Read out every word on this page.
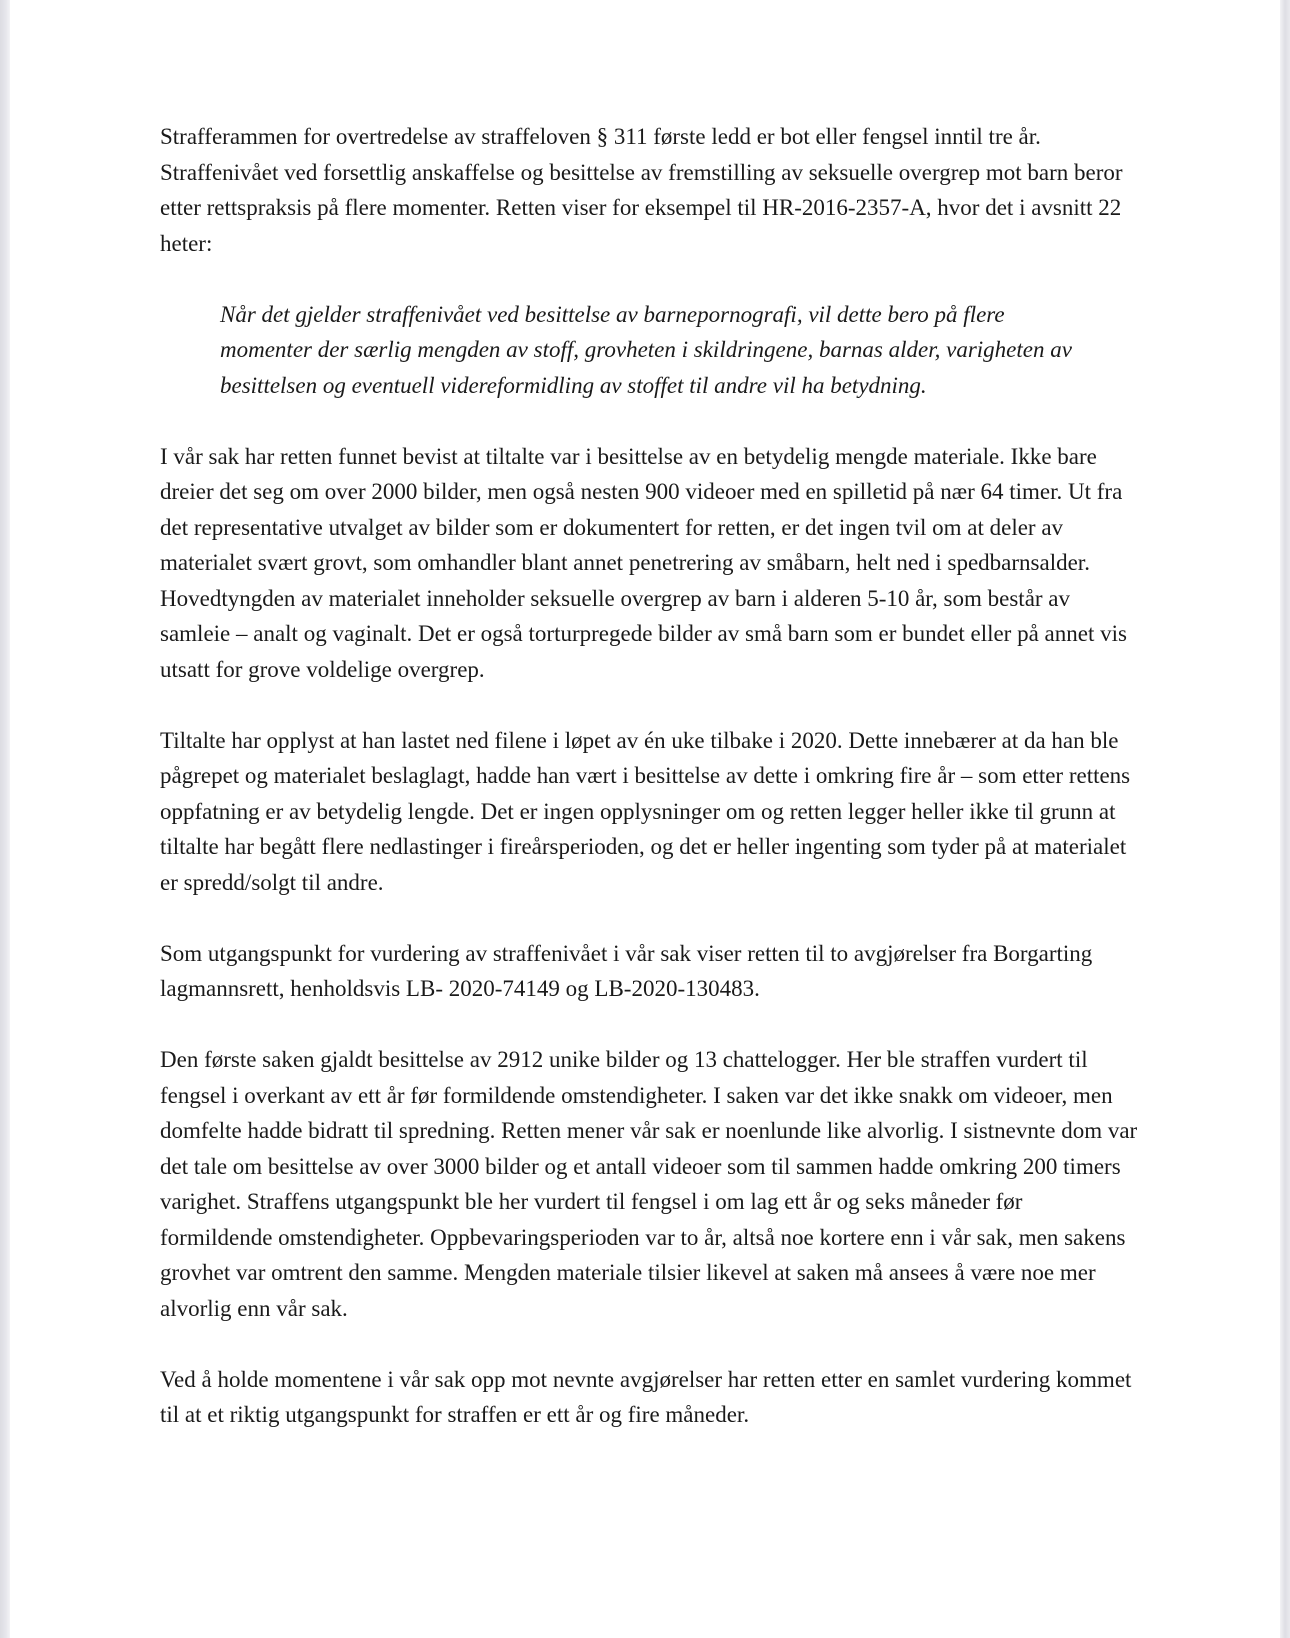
Strafferammen for overtredelse av straffeloven § 311 første ledd er bot eller fengsel inntil tre år. Straffenivået ved forsettlig anskaffelse og besittelse av fremstilling av seksuelle overgrep mot barn beror etter rettspraksis på flere momenter. Retten viser for eksempel til HR-2016-2357-A, hvor det i avsnitt 22 heter:

Når det gjelder straffenivået ved besittelse av barnepornografi, vil dette bero på flere momenter der særlig mengden av stoff, grovheten i skildringene, barnas alder, varigheten av besittelsen og eventuell videreformidling av stoffet til andre vil ha betydning.

I vår sak har retten funnet bevist at tiltalte var i besittelse av en betydelig mengde materiale. Ikke bare dreier det seg om over 2000 bilder, men også nesten 900 videoer med en spilletid på nær 64 timer. Ut fra det representative utvalget av bilder som er dokumentert for retten, er det ingen tvil om at deler av materialet svært grovt, som omhandler blant annet penetrering av småbarn, helt ned i spedbarnsalder. Hovedtyngden av materialet inneholder seksuelle overgrep av barn i alderen 5-10 år, som består av samleie – analt og vaginalt. Det er også torturpregede bilder av små barn som er bundet eller på annet vis utsatt for grove voldelige overgrep.

Tiltalte har opplyst at han lastet ned filene i løpet av én uke tilbake i 2020. Dette innebærer at da han ble pågrepet og materialet beslaglagt, hadde han vært i besittelse av dette i omkring fire år – som etter rettens oppfatning er av betydelig lengde. Det er ingen opplysninger om og retten legger heller ikke til grunn at tiltalte har begått flere nedlastinger i fireårsperioden, og det er heller ingenting som tyder på at materialet er spredd/solgt til andre.

Som utgangspunkt for vurdering av straffenivået i vår sak viser retten til to avgjørelser fra Borgarting lagmannsrett, henholdsvis LB- 2020-74149 og LB-2020-130483.

Den første saken gjaldt besittelse av 2912 unike bilder og 13 chattelogger. Her ble straffen vurdert til fengsel i overkant av ett år før formildende omstendigheter. I saken var det ikke snakk om videoer, men domfelte hadde bidratt til spredning. Retten mener vår sak er noenlunde like alvorlig. I sistnevnte dom var det tale om besittelse av over 3000 bilder og et antall videoer som til sammen hadde omkring 200 timers varighet. Straffens utgangspunkt ble her vurdert til fengsel i om lag ett år og seks måneder før formildende omstendigheter. Oppbevaringsperioden var to år, altså noe kortere enn i vår sak, men sakens grovhet var omtrent den samme. Mengden materiale tilsier likevel at saken må ansees å være noe mer alvorlig enn vår sak.

Ved å holde momentene i vår sak opp mot nevnte avgjørelser har retten etter en samlet vurdering kommet til at et riktig utgangspunkt for straffen er ett år og fire måneder.
